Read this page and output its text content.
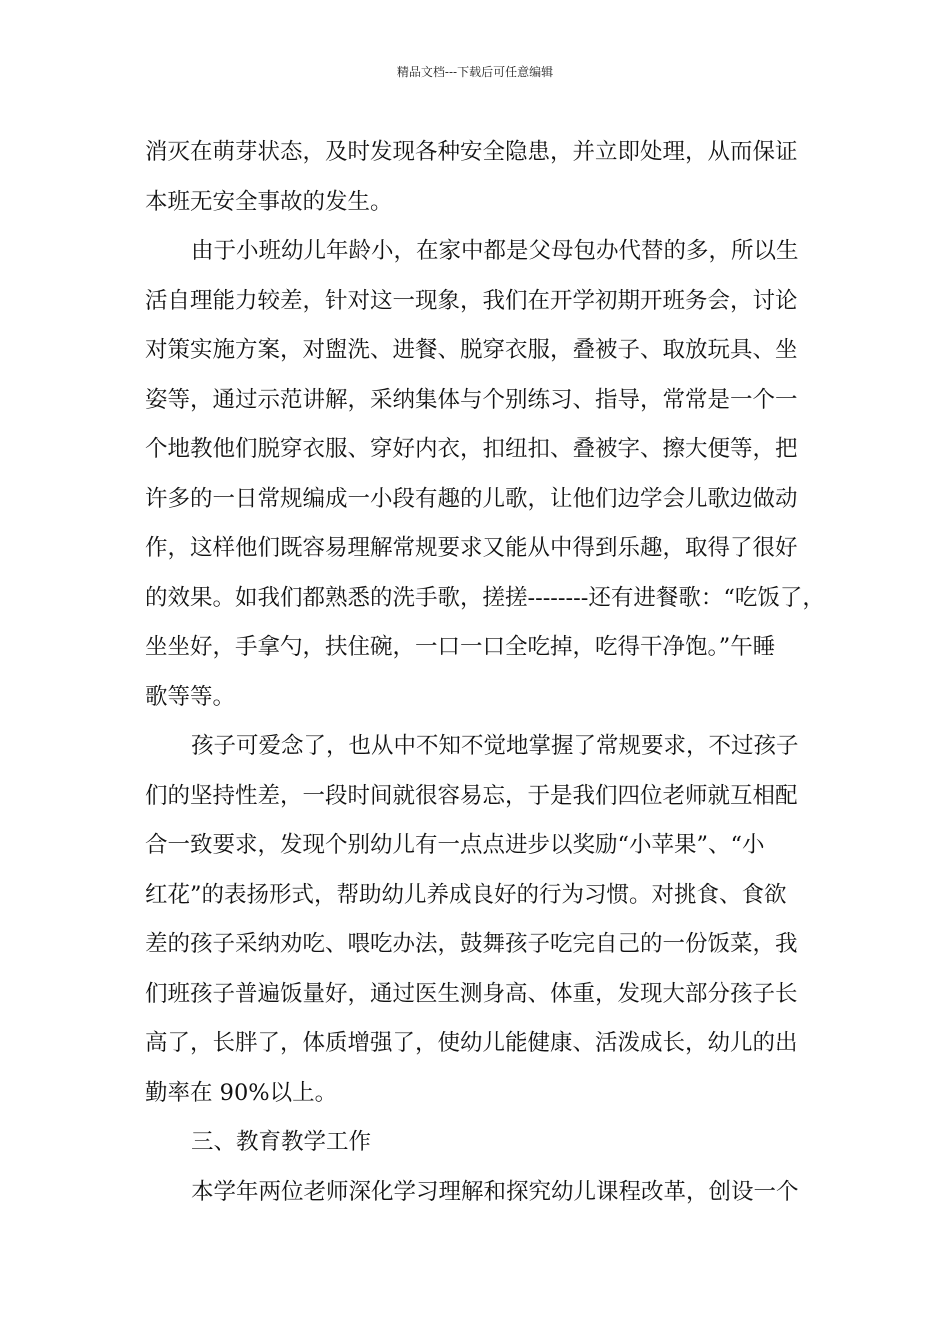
精品文档---下载后可任意编辑
消灭在萌芽状态，及时发现各种安全隐患，并立即处理，从而保证
本班无安全事故的发生。
由于小班幼儿年龄小，在家中都是父母包办代替的多，所以生
活自理能力较差，针对这一现象，我们在开学初期开班务会，讨论
对策实施方案，对盥洗、进餐、脱穿衣服，叠被子、取放玩具、坐
姿等，通过示范讲解，采纳集体与个别练习、指导，常常是一个一
个地教他们脱穿衣服、穿好内衣，扣纽扣、叠被字、擦大便等，把
许多的一日常规编成一小段有趣的儿歌，让他们边学会儿歌边做动
作，这样他们既容易理解常规要求又能从中得到乐趣，取得了很好
的效果。如我们都熟悉的洗手歌，搓搓--------还有进餐歌：“吃饭了，
坐坐好，手拿勺，扶住碗，一口一口全吃掉，吃得干净饱。”午睡
歌等等。
孩子可爱念了，也从中不知不觉地掌握了常规要求，不过孩子
们的坚持性差，一段时间就很容易忘，于是我们四位老师就互相配
合一致要求，发现个别幼儿有一点点进步以奖励“小苹果”、“小
红花”的表扬形式，帮助幼儿养成良好的行为习惯。对挑食、食欲
差的孩子采纳劝吃、喂吃办法，鼓舞孩子吃完自己的一份饭菜，我
们班孩子普遍饭量好，通过医生测身高、体重，发现大部分孩子长
高了，长胖了，体质增强了，使幼儿能健康、活泼成长，幼儿的出
勤率在 90%以上。
三、教育教学工作
本学年两位老师深化学习理解和探究幼儿课程改革，创设一个
